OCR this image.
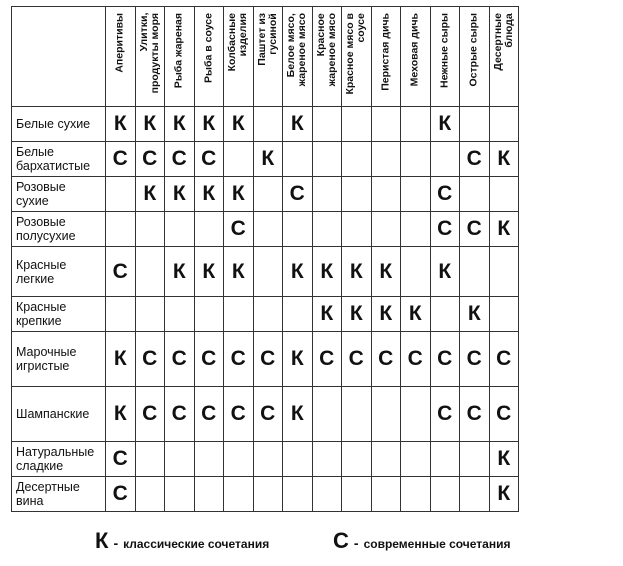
	Аперитивы	Улитки,
продукты моря	Рыба жареная	Рыба в соусе	Колбасные
изделия	Паштет из
гусиной	Белое мясо,
жареное мясо	Красное
жареное мясо	Красное мясо в
соусе	Перистая дичь	Меховая дичь	Нежные сыры	Острые сыры	Десертные
блюда

Белые сухие	К	К	К	К	К		К					К		
Белые
бархатистые	С	С	С	С		К							С	К
Розовые
сухие		К	К	К	К		С					С		
Розовые
полусухие					С							С	С	К
Красные
легкие	С		К	К	К		К	К	К	К		К		
Красные
крепкие								К	К	К	К		К	
Марочные
игристые	К	С	С	С	С	С	К	С	С	С	С	С	С	С
Шампанские	К	С	С	С	С	С	К					С	С	С
Натуральные
сладкие	С													К
Десертные
вина	С													К
К - классические сочетания	С - современные сочетания
